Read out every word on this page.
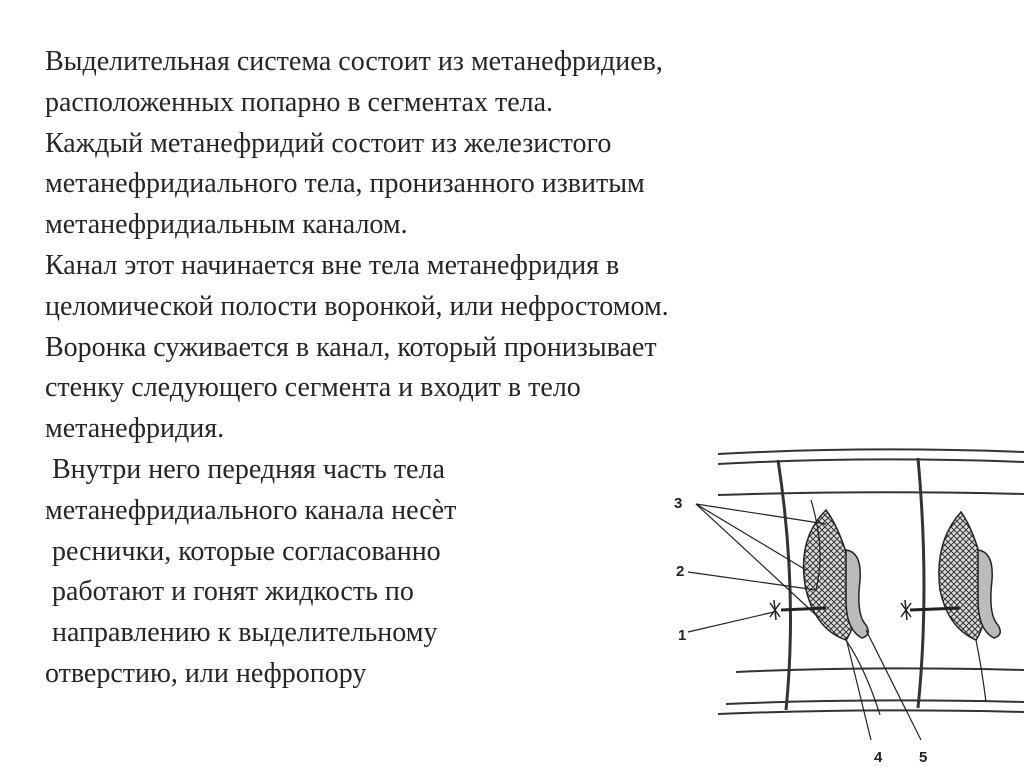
Выделительная система состоит из метанефридиев,
расположенных попарно в сегментах тела.
Каждый метанефридий состоит из железистого
метанефридиального тела, пронизанного извитым
метанефридиальным каналом.
Канал этот начинается вне тела метанефридия в
целомической полости воронкой, или нефростомом.
Воронка суживается в канал, который пронизывает
стенку следующего сегмента и входит в тело
метанефридия.
Внутри него передняя часть тела
метанефридиального канала несѐт
реснички, которые согласованно
работают и гонят жидкость по
направлению к выделительному
отверстию, или нефропору
3
2
1
4 5
